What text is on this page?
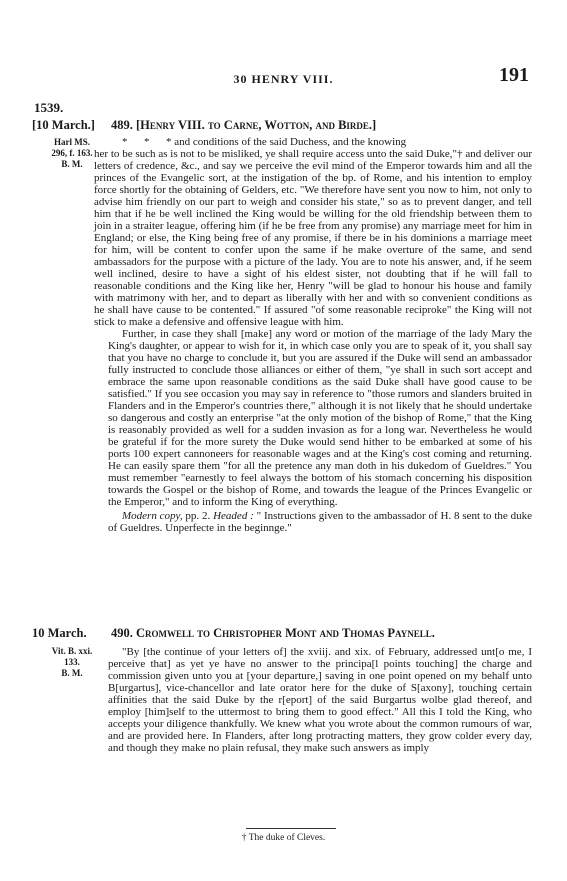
30 HENRY VIII.	191
1539.
[10 March.] 489. [Henry VIII. to Carne, Wotton, and Birde.]
Harl MS.
296, f. 163.
B. M.

*      *      * and conditions of the said Duchess, and the knowing

her to be such as is not to be misliked, ye shall require access unto the said Duke,"† and deliver our letters of credence, &c., and say we perceive the evil mind of the Emperor towards him and all the princes of the Evangelic sort, at the instigation of the bp. of Rome, and his intention to employ force shortly for the obtaining of Gelders, etc. "We therefore have sent you now to him, not only to advise him friendly on our part to weigh and consider his state," so as to prevent danger, and tell him that if he be well inclined the King would be willing for the old friendship between them to join in a straiter league, offering him (if he be free from any promise) any marriage meet for him in England; or else, the King being free of any promise, if there be in his dominions a marriage meet for him, will be content to confer upon the same if he make overture of the same, and send ambassadors for the purpose with a picture of the lady. You are to note his answer, and, if he seem well inclined, desire to have a sight of his eldest sister, not doubting that if he will fall to reasonable conditions and the King like her, Henry "will be glad to honour his house and family with matrimony with her, and to depart as liberally with her and with so convenient conditions as he shall have cause to be contented." If assured "of some reasonable reciproke" the King will not stick to make a defensive and offensive league with him.

Further, in case they shall [make] any word or motion of the marriage of the lady Mary the King's daughter, or appear to wish for it, in which case only you are to speak of it, you shall say that you have no charge to conclude it, but you are assured if the Duke will send an ambassador fully instructed to conclude those alliances or either of them, "ye shall in such sort accept and embrace the same upon reasonable conditions as the said Duke shall have good cause to be satisfied." If you see occasion you may say in reference to "those rumors and slanders bruited in Flanders and in the Emperor's countries there," although it is not likely that he should undertake so dangerous and costly an enterprise "at the only motion of the bishop of Rome," that the King is reasonably provided as well for a sudden invasion as for a long war. Nevertheless he would be grateful if for the more surety the Duke would send hither to be embarked at some of his ports 100 expert cannoneers for reasonable wages and at the King's cost coming and returning. He can easily spare them "for all the pretence any man doth in his dukedom of Gueldres." You must remember "earnestly to feel always the bottom of his stomach concerning his disposition towards the Gospel or the bishop of Rome, and towards the league of the Princes Evangelic or the Emperor," and to inform the King of everything.

Modern copy, pp. 2. Headed : " Instructions given to the ambassador of H. 8 sent to the duke of Gueldres. Unperfecte in the beginnge."

10 March. 490. Cromwell to Christopher Mont and Thomas Paynell.
Vit. B. xxi.
133.
B. M.

"By [the continue of your letters of] the xviij. and xix. of February, addressed unt[o me, I perceive that] as yet ye have no answer to the principa[l points touching] the charge and commission given unto you at [your departure,] saving in one point opened on my behalf unto B[urgartus], vice-chancellor and late orator here for the duke of S[axony], touching certain affinities that the said Duke by the r[eport] of the said Burgartus wolbe glad thereof, and employ [him]self to the uttermost to bring them to good effect." All this I told the King, who accepts your diligence thankfully. We knew what you wrote about the common rumours of war, and are provided here. In Flanders, after long protracting matters, they grow colder every day, and though they make no plain refusal, they make such answers as imply

† The duke of Cleves.
